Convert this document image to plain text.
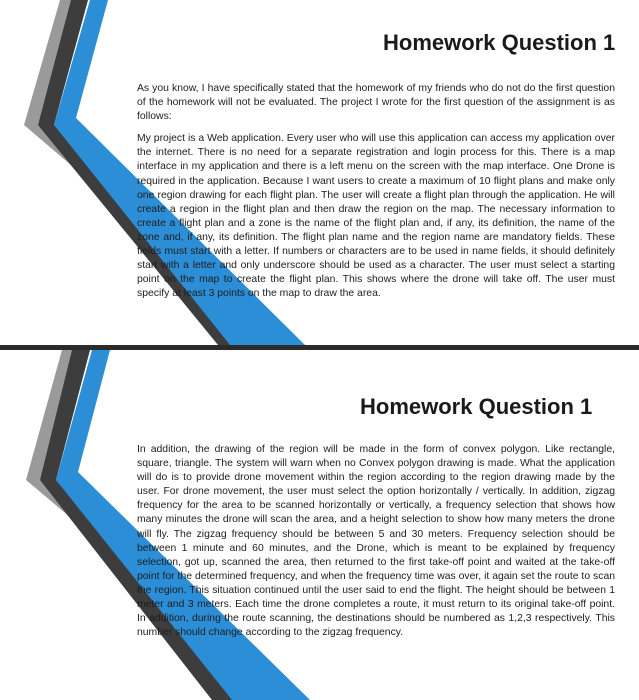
Homework Question 1

As you know, I have specifically stated that the homework of my friends who do not do the first question of the homework will not be evaluated. The project I wrote for the first question of the assignment is as follows:

My project is a Web application. Every user who will use this application can access my application over the internet. There is no need for a separate registration and login process for this. There is a map interface in my application and there is a left menu on the screen with the map interface. One Drone is required in the application. Because I want users to create a maximum of 10 flight plans and make only one region drawing for each flight plan. The user will create a flight plan through the application. He will create a region in the flight plan and then draw the region on the map. The necessary information to create a flight plan and a zone is the name of the flight plan and, if any, its definition, the name of the zone and, if any, its definition. The flight plan name and the region name are mandatory fields. These fields must start with a letter. If numbers or characters are to be used in name fields, it should definitely start with a letter and only underscore should be used as a character. The user must select a starting point on the map to create the flight plan. This shows where the drone will take off. The user must specify at least 3 points on the map to draw the area.

Homework Question 1

In addition, the drawing of the region will be made in the form of convex polygon. Like rectangle, square, triangle. The system will warn when no Convex polygon drawing is made. What the application will do is to provide drone movement within the region according to the region drawing made by the user. For drone movement, the user must select the option horizontally / vertically. In addition, zigzag frequency for the area to be scanned horizontally or vertically, a frequency selection that shows how many minutes the drone will scan the area, and a height selection to show how many meters the drone will fly. The zigzag frequency should be between 5 and 30 meters. Frequency selection should be between 1 minute and 60 minutes, and the Drone, which is meant to be explained by frequency selection, got up, scanned the area, then returned to the first take-off point and waited at the take-off point for the determined frequency, and when the frequency time was over, it again set the route to scan the region. This situation continued until the user said to end the flight. The height should be between 1 meter and 3 meters. Each time the drone completes a route, it must return to its original take-off point. In addition, during the route scanning, the destinations should be numbered as 1,2,3 respectively. This number should change according to the zigzag frequency.
